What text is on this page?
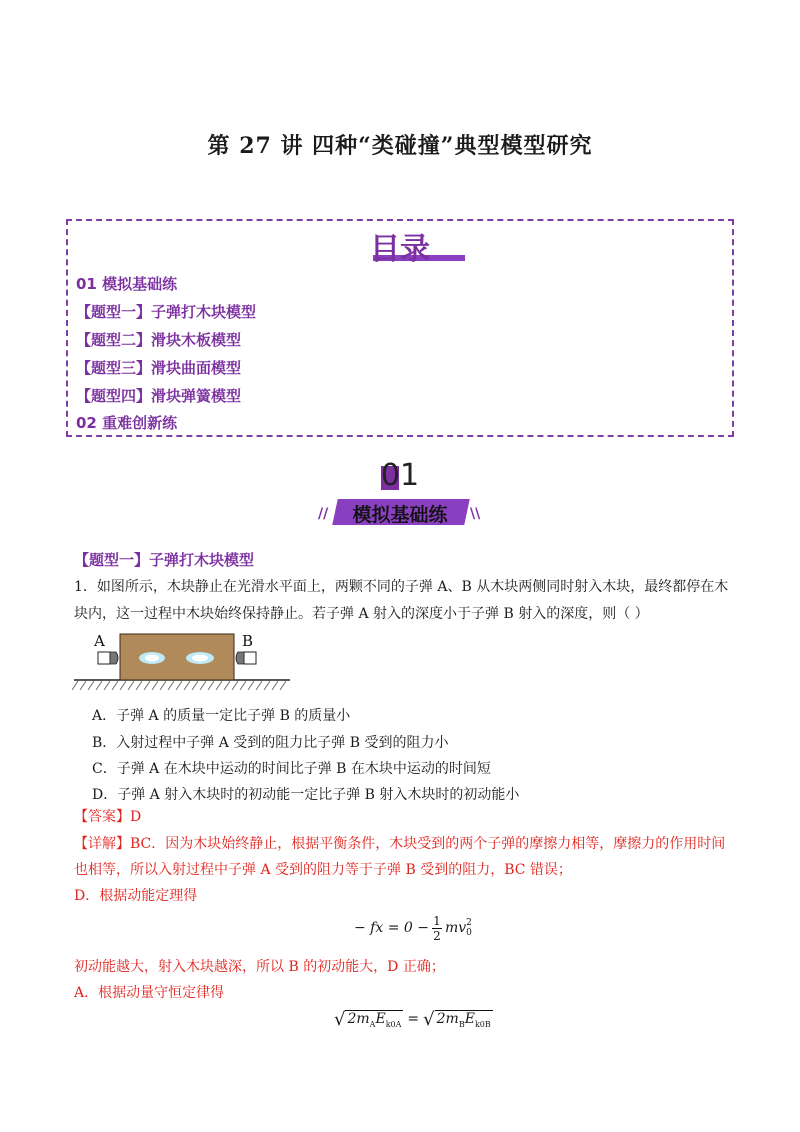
第 27 讲 四种“类碰撞”典型模型研究
目录
01 模拟基础练
【题型一】子弹打木块模型
【题型二】滑块木板模型
【题型三】滑块曲面模型
【题型四】滑块弹簧模型
02 重难创新练
01
模拟基础练
//	\\
【题型一】子弹打木块模型
1．如图所示，木块静止在光滑水平面上，两颗不同的子弹 A、B 从木块两侧同时射入木块，最终都停在木
块内，这一过程中木块始终保持静止。若子弹 A 射入的深度小于子弹 B 射入的深度，则（ ）
A	B
A．子弹 A 的质量一定比子弹 B 的质量小
B．入射过程中子弹 A 受到的阻力比子弹 B 受到的阻力小
C．子弹 A 在木块中运动的时间比子弹 B 在木块中运动的时间短
D．子弹 A 射入木块时的初动能一定比子弹 B 射入木块时的初动能小
【答案】D
【详解】BC．因为木块始终静止，根据平衡条件，木块受到的两个子弹的摩擦力相等，摩擦力的作用时间
也相等，所以入射过程中子弹 A 受到的阻力等于子弹 B 受到的阻力，BC 错误；
D．根据动能定理得
− fx = 0 − 1
2 mv 2
0
初动能越大，射入木块越深，所以 B 的初动能大，D 正确；
A．根据动量守恒定律得
√ $2m_AE_{k0A}$ = √ $2m_BE_{k0B}$
